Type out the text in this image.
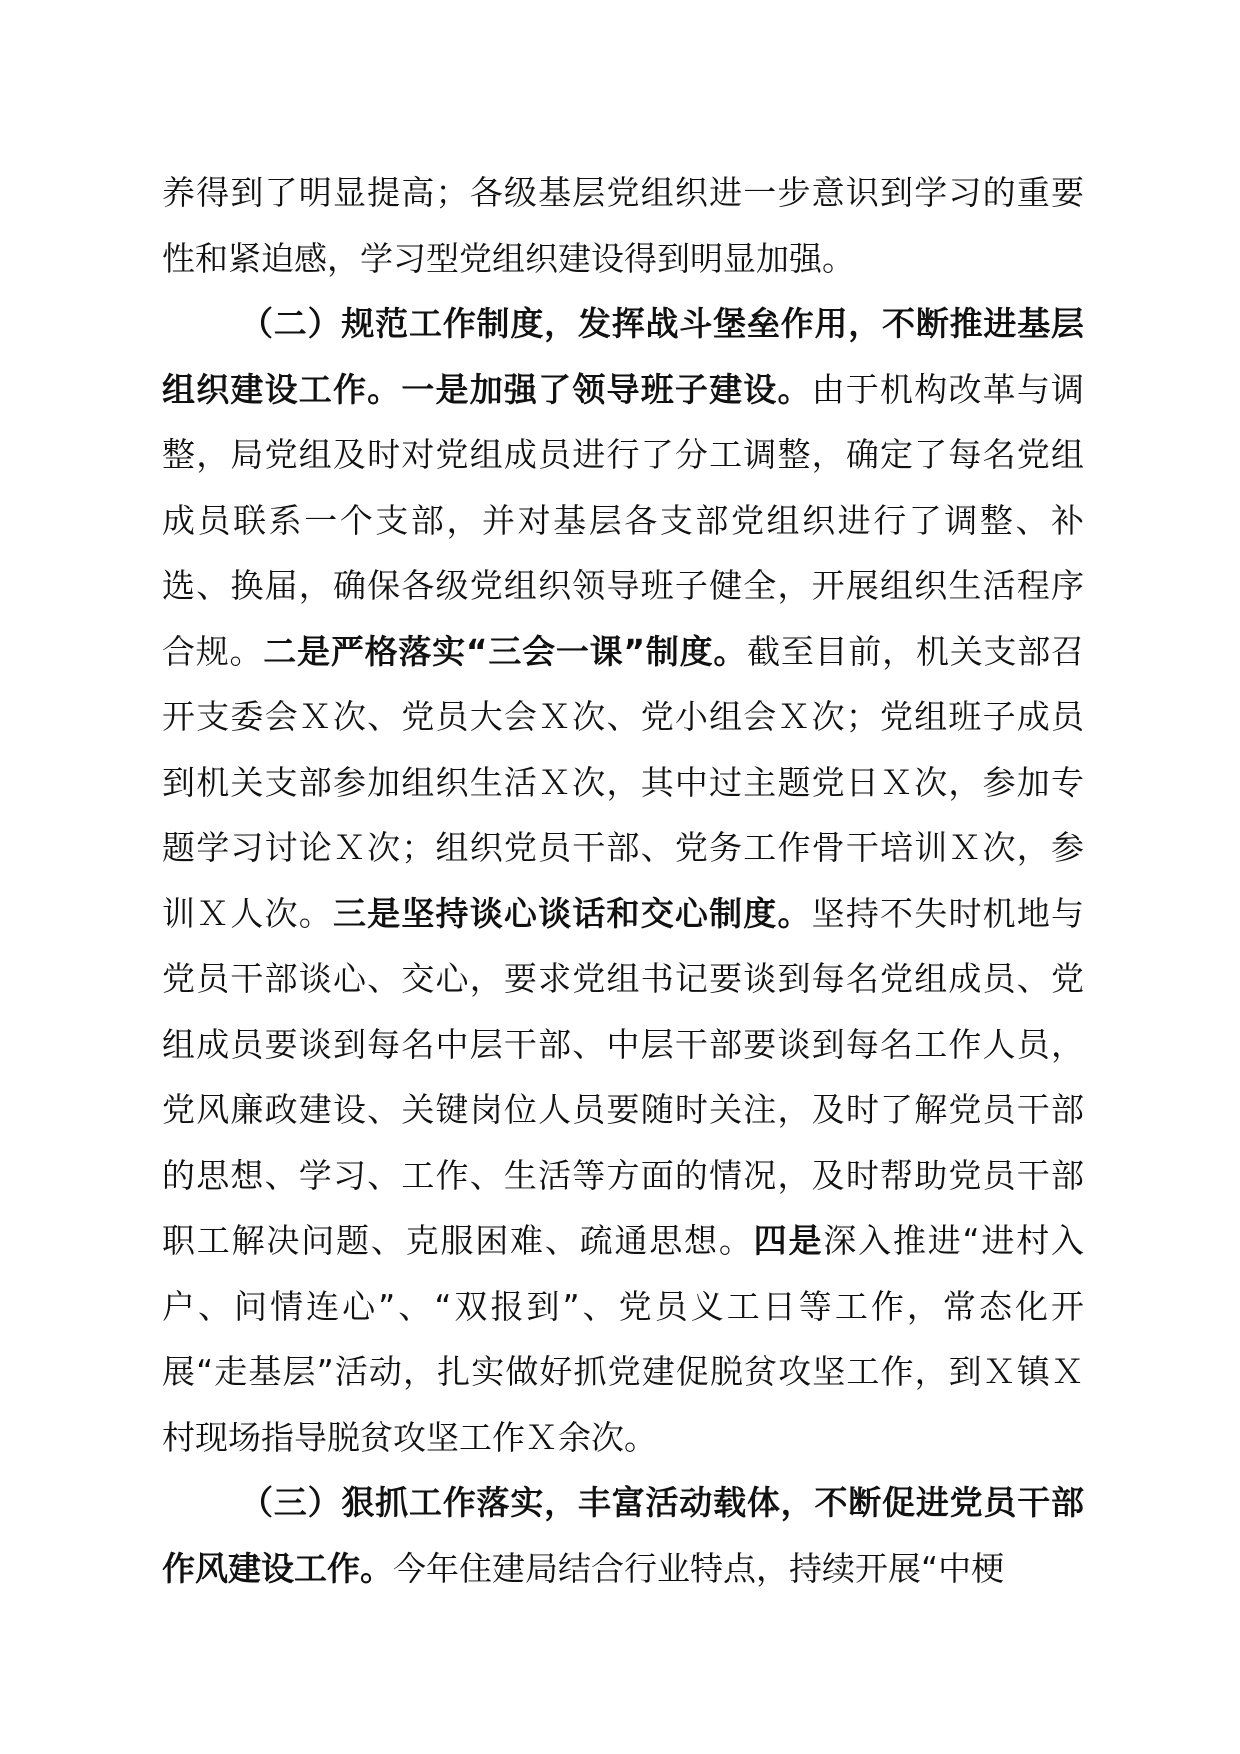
养得到了明显提高；各级基层党组织进一步意识到学习的重要性和紧迫感，学习型党组织建设得到明显加强。

（二）规范工作制度，发挥战斗堡垒作用，不断推进基层组织建设工作。一是加强了领导班子建设。由于机构改革与调整，局党组及时对党组成员进行了分工调整，确定了每名党组成员联系一个支部，并对基层各支部党组织进行了调整、补选、换届，确保各级党组织领导班子健全，开展组织生活程序合规。二是严格落实“三会一课”制度。截至目前，机关支部召开支委会Ｘ次、党员大会Ｘ次、党小组会Ｘ次；党组班子成员到机关支部参加组织生活Ｘ次，其中过主题党日Ｘ次，参加专题学习讨论Ｘ次；组织党员干部、党务工作骨干培训Ｘ次，参训Ｘ人次。三是坚持谈心谈话和交心制度。坚持不失时机地与党员干部谈心、交心，要求党组书记要谈到每名党组成员、党组成员要谈到每名中层干部、中层干部要谈到每名工作人员，党风廉政建设、关键岗位人员要随时关注，及时了解党员干部的思想、学习、工作、生活等方面的情况，及时帮助党员干部职工解决问题、克服困难、疏通思想。四是深入推进“进村入户、问情连心”、“双报到”、党员义工日等工作，常态化开展“走基层”活动，扎实做好抓党建促脱贫攻坚工作，到Ｘ镇Ｘ村现场指导脱贫攻坚工作Ｘ余次。

（三）狠抓工作落实，丰富活动载体，不断促进党员干部作风建设工作。今年住建局结合行业特点，持续开展“中梗
